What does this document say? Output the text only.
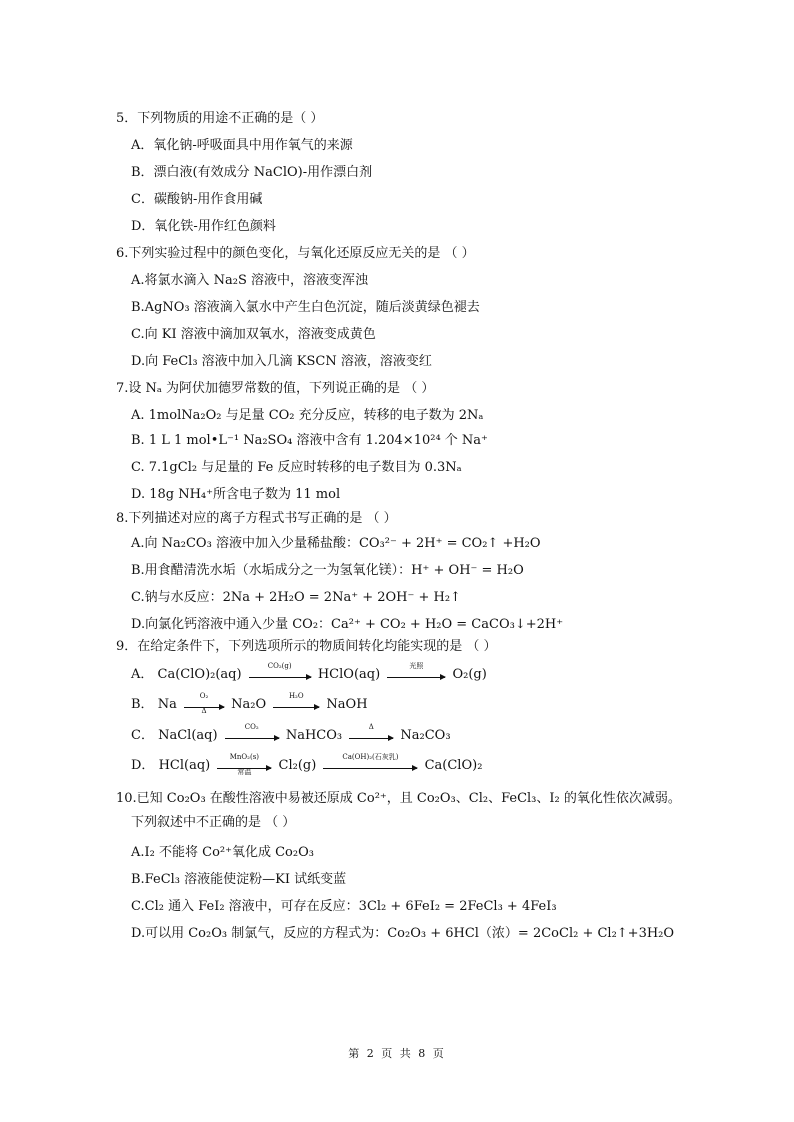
5．下列物质的用途不正确的是（ ）
A．氧化钠-呼吸面具中用作氧气的来源
B．漂白液(有效成分 NaClO)-用作漂白剂
C．碳酸钠-用作食用碱
D．氧化铁-用作红色颜料
6.下列实验过程中的颜色变化，与氧化还原反应无关的是 （ ）
A.将氯水滴入 Na₂S 溶液中，溶液变浑浊
B.AgNO₃ 溶液滴入氯水中产生白色沉淀，随后淡黄绿色褪去
C.向 KI 溶液中滴加双氧水，溶液变成黄色
D.向 FeCl₃ 溶液中加入几滴 KSCN 溶液，溶液变红
7.设 Nₐ 为阿伏加德罗常数的值，下列说正确的是 （ ）
A. 1molNa₂O₂ 与足量 CO₂ 充分反应，转移的电子数为 2Nₐ
B. 1 L 1 mol•L⁻¹ Na₂SO₄ 溶液中含有 1.204×10²⁴ 个 Na⁺
C. 7.1gCl₂ 与足量的 Fe 反应时转移的电子数目为 0.3Nₐ
D. 18g NH₄⁺所含电子数为 11 mol
8.下列描述对应的离子方程式书写正确的是 （ ）
A.向 Na₂CO₃ 溶液中加入少量稀盐酸：CO₃²⁻ + 2H⁺ = CO₂↑ +H₂O
B.用食醋清洗水垢（水垢成分之一为氢氧化镁）：H⁺ + OH⁻ = H₂O
C.钠与水反应：2Na + 2H₂O = 2Na⁺ + 2OH⁻ + H₂↑
D.向氯化钙溶液中通入少量 CO₂：Ca²⁺ + CO₂ + H₂O = CaCO₃↓+2H⁺
9．在给定条件下，下列选项所示的物质间转化均能实现的是 （ ）
A． Ca(ClO)₂(aq)
CO₂(g)
HClO(aq)
光照
O₂(g)
B． Na $\frac{\text{O₂}}{\Delta} Na_2O$
H₂O
NaOH
C． NaCl(aq)
CO₂
NaHCO₃
Δ
Na₂CO₃
D． HCl(aq)
MnO₂(s)
常温	Cl₂(g)
Ca(OH)₂(石灰乳)
Ca(ClO)₂
10.已知 Co₂O₃ 在酸性溶液中易被还原成 Co²⁺，且 Co₂O₃、Cl₂、FeCl₃、I₂ 的氧化性依次减弱。
下列叙述中不正确的是 （ ）
A.I₂ 不能将 Co²⁺氧化成 Co₂O₃
B.FeCl₃ 溶液能使淀粉—KI 试纸变蓝
C.Cl₂ 通入 FeI₂ 溶液中，可存在反应：3Cl₂ + 6FeI₂ = 2FeCl₃ + 4FeI₃
D.可以用 Co₂O₃ 制氯气，反应的方程式为：Co₂O₃ + 6HCl（浓）= 2CoCl₂ + Cl₂↑+3H₂O
第 2 页 共 8 页
